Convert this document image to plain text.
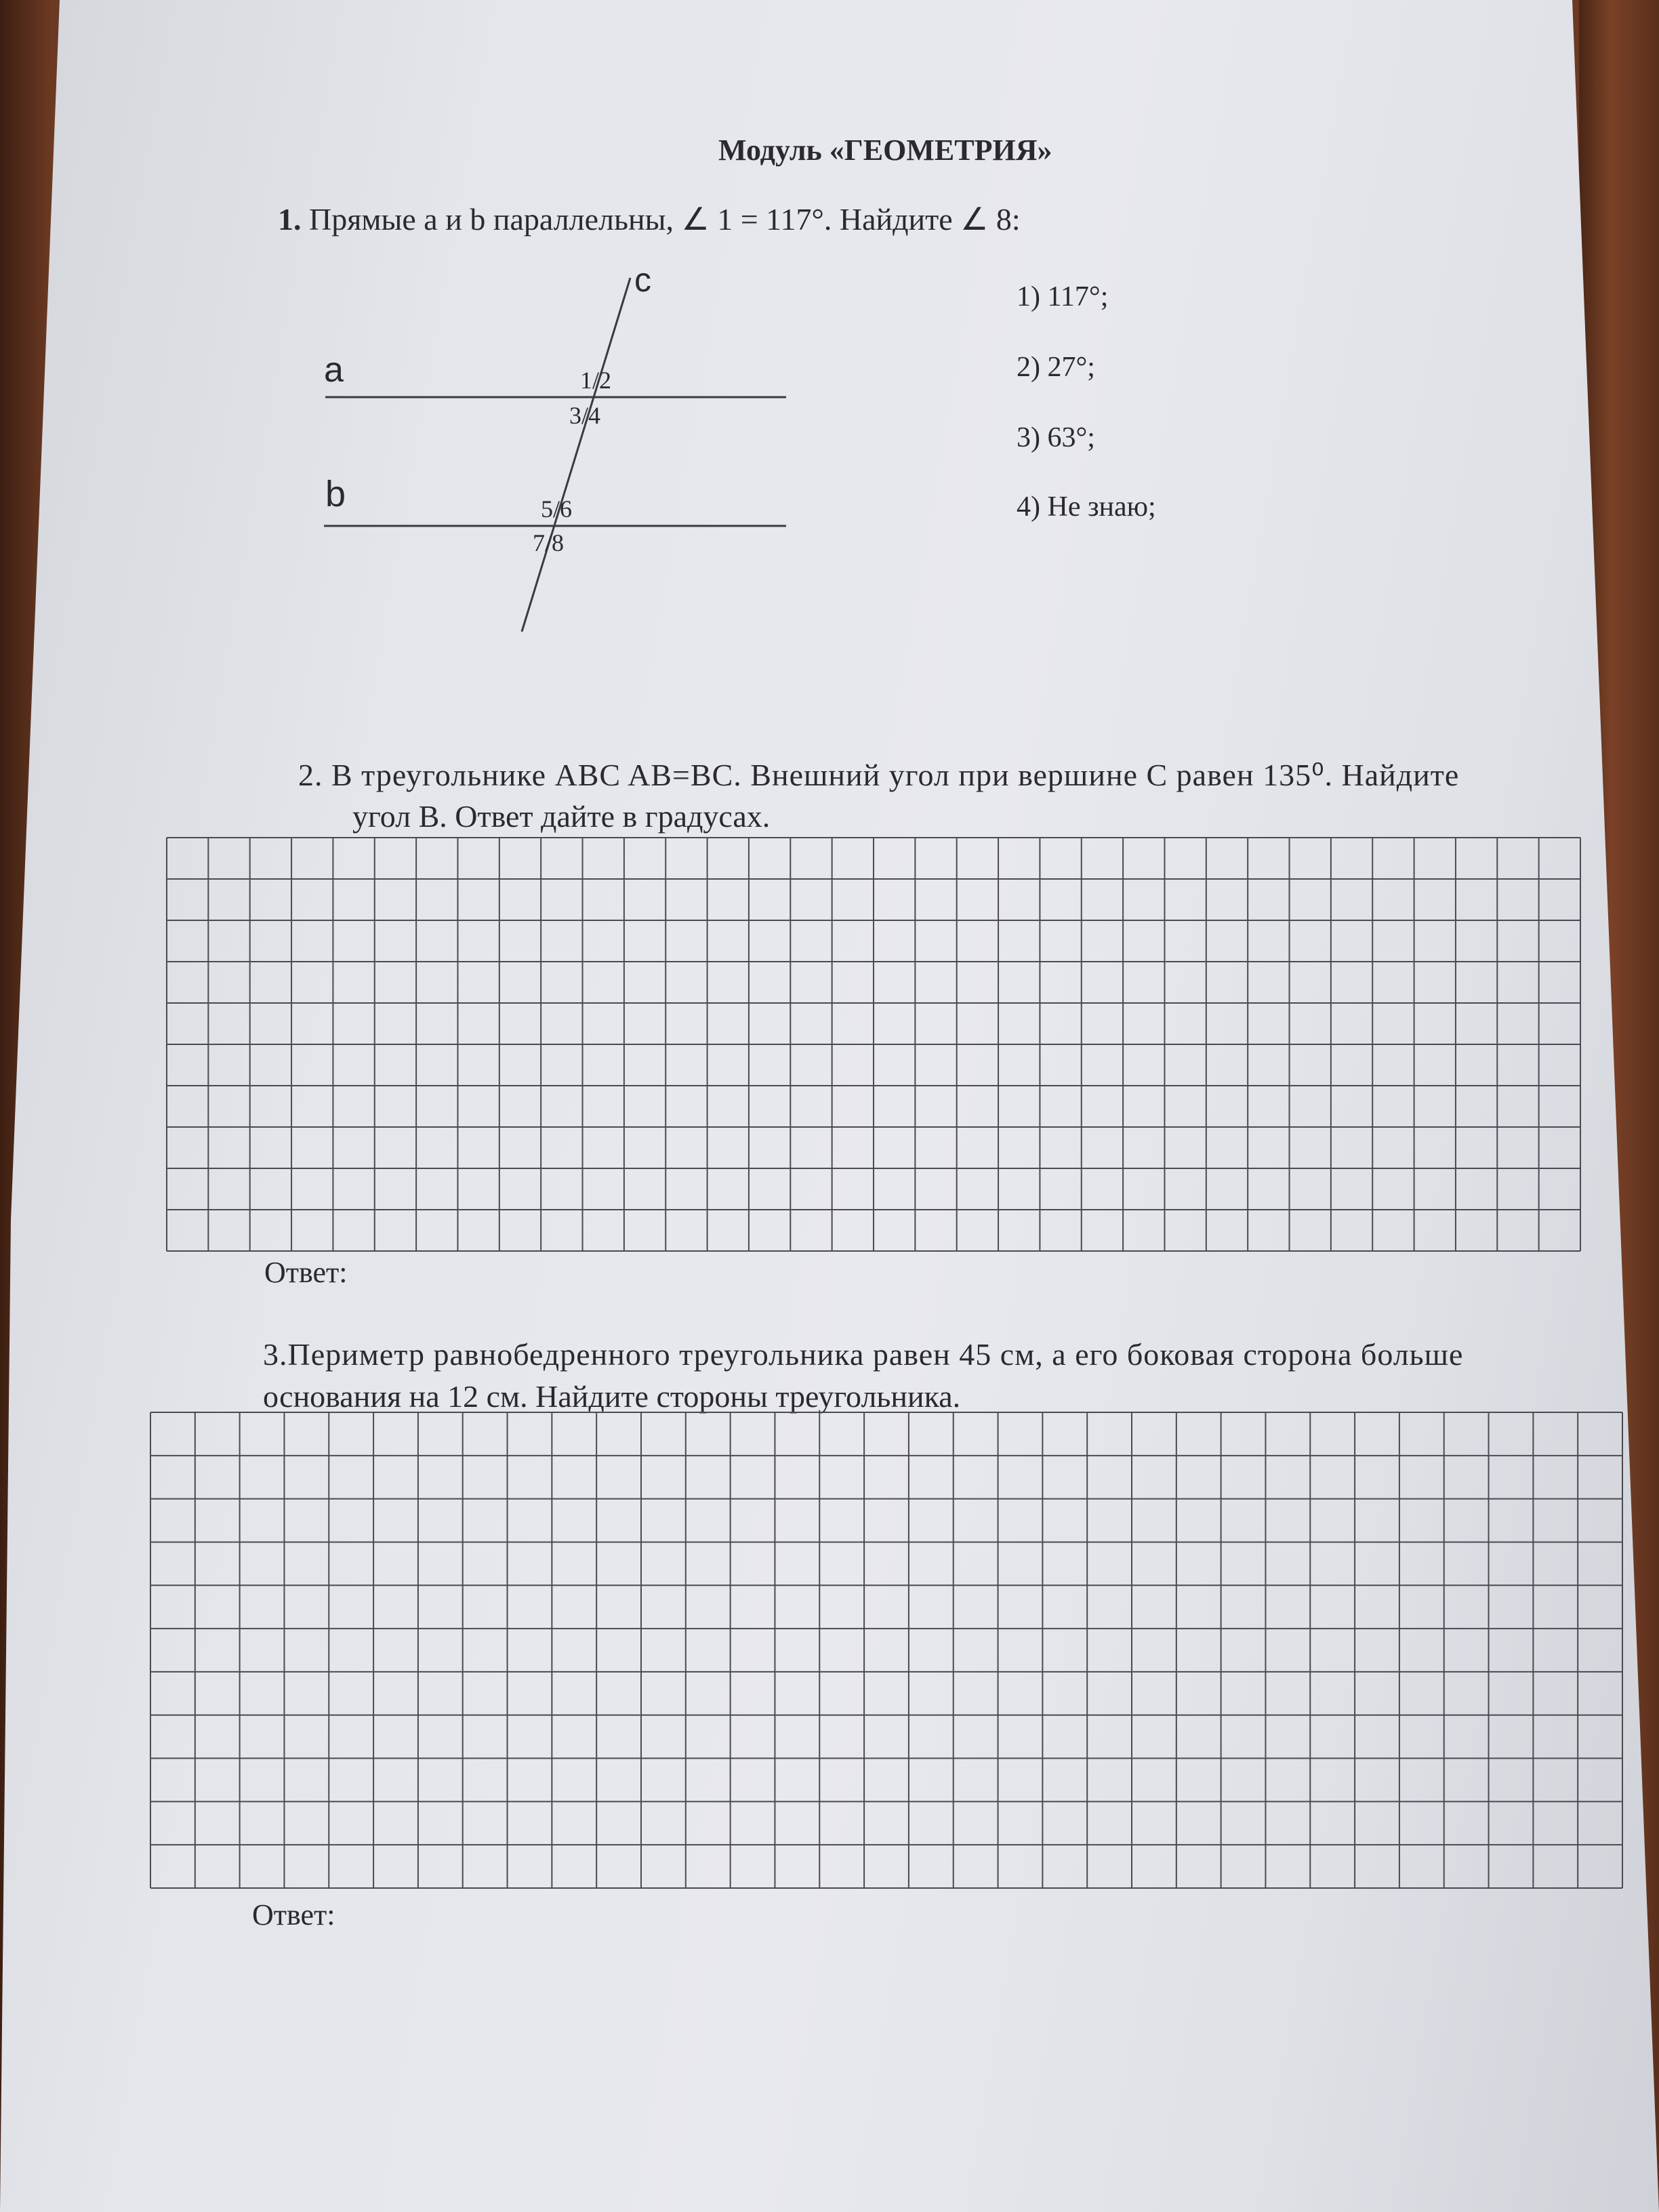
Модуль «ГЕОМЕТРИЯ»
1. Прямые a и b параллельны, ∠ 1 = 117°. Найдите ∠ 8:
c
a
b
1/2
3/4
5/6
7/8
1) 117°;
2) 27°;
3) 63°;
4) Не знаю;
2. В треугольнике ABC AB=BC. Внешний угол при вершине C равен 135⁰. Найдите
угол B. Ответ дайте в градусах.
Ответ:
3.Периметр равнобедренного треугольника равен 45 см, а его боковая сторона больше
основания на 12 см. Найдите стороны треугольника.
Ответ:
